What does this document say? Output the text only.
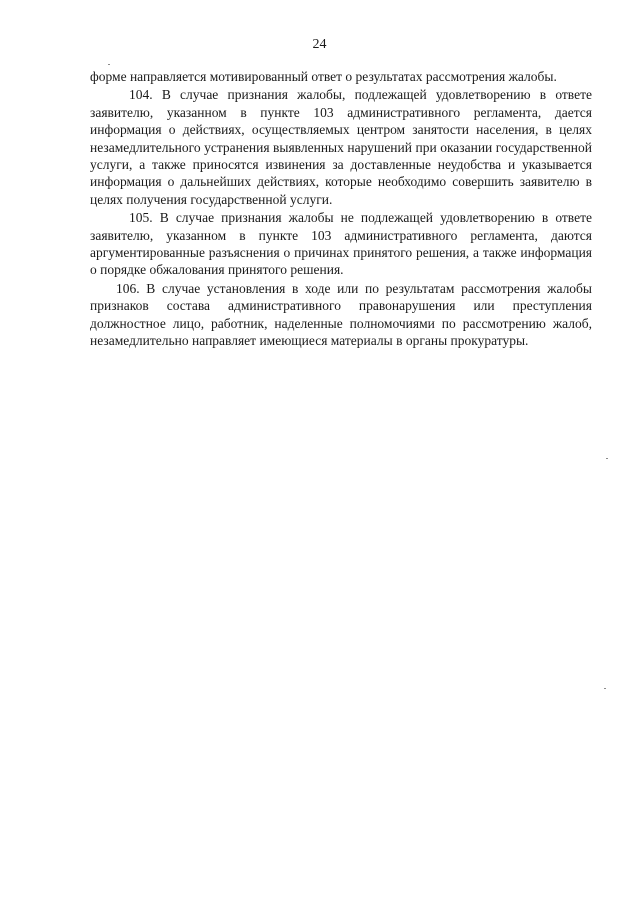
24

форме направляется мотивированный ответ о результатах рассмотрения жалобы.

104. В случае признания жалобы, подлежащей удовлетворению в ответе заявителю, указанном в пункте 103 административного регламента, дается информация о действиях, осуществляемых центром занятости населения, в целях незамедлительного устранения выявленных нарушений при оказании государственной услуги, а также приносятся извинения за доставленные неудобства и указывается информация о дальнейших действиях, которые необходимо совершить заявителю в целях получения государственной услуги.

105. В случае признания жалобы не подлежащей удовлетворению в ответе заявителю, указанном в пункте 103 административного регламента, даются аргументированные разъяснения о причинах принятого решения, а также информация о порядке обжалования принятого решения.

106. В случае установления в ходе или по результатам рассмотрения жалобы признаков состава административного правонарушения или преступления должностное лицо, работник, наделенные полномочиями по рассмотрению жалоб, незамедлительно направляет имеющиеся материалы в органы прокуратуры.
